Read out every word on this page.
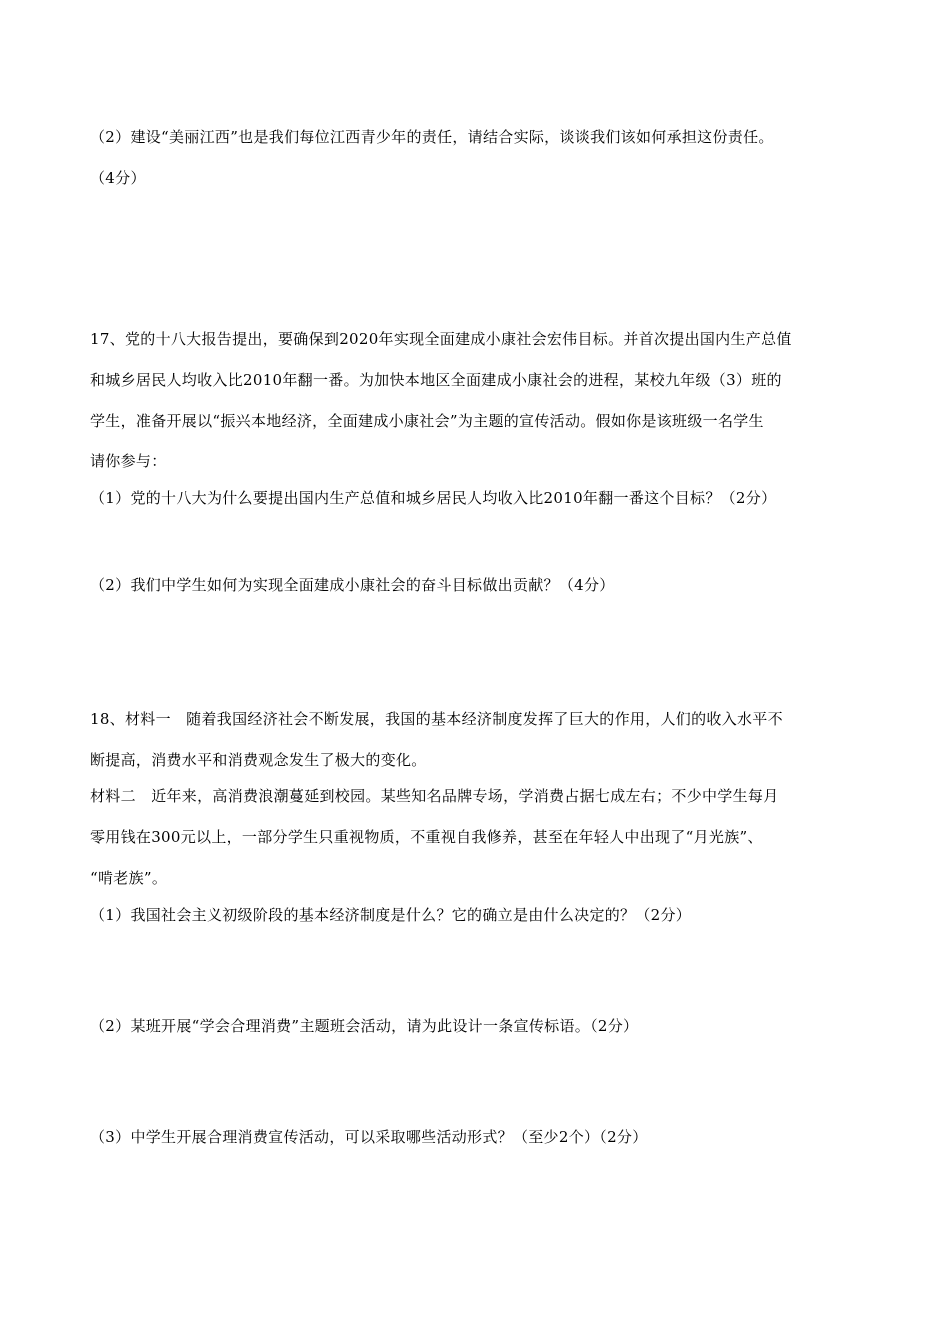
（2）建设“美丽江西”也是我们每位江西青少年的责任，请结合实际，谈谈我们该如何承担这份责任。
（4分）
17、党的十八大报告提出，要确保到2020年实现全面建成小康社会宏伟目标。并首次提出国内生产总值
和城乡居民人均收入比2010年翻一番。为加快本地区全面建成小康社会的进程，某校九年级（3）班的
学生，准备开展以“振兴本地经济，全面建成小康社会”为主题的宣传活动。假如你是该班级一名学生
请你参与：
（1）党的十八大为什么要提出国内生产总值和城乡居民人均收入比2010年翻一番这个目标？（2分）
（2）我们中学生如何为实现全面建成小康社会的奋斗目标做出贡献？（4分）
18、材料一　随着我国经济社会不断发展，我国的基本经济制度发挥了巨大的作用，人们的收入水平不
断提高，消费水平和消费观念发生了极大的变化。
材料二　近年来，高消费浪潮蔓延到校园。某些知名品牌专场，学消费占据七成左右；不少中学生每月
零用钱在300元以上，一部分学生只重视物质，不重视自我修养，甚至在年轻人中出现了“月光族”、
“啃老族”。
（1）我国社会主义初级阶段的基本经济制度是什么？它的确立是由什么决定的？（2分）
（2）某班开展“学会合理消费”主题班会活动，请为此设计一条宣传标语。（2分）
（3）中学生开展合理消费宣传活动，可以采取哪些活动形式？（至少2个）（2分）
